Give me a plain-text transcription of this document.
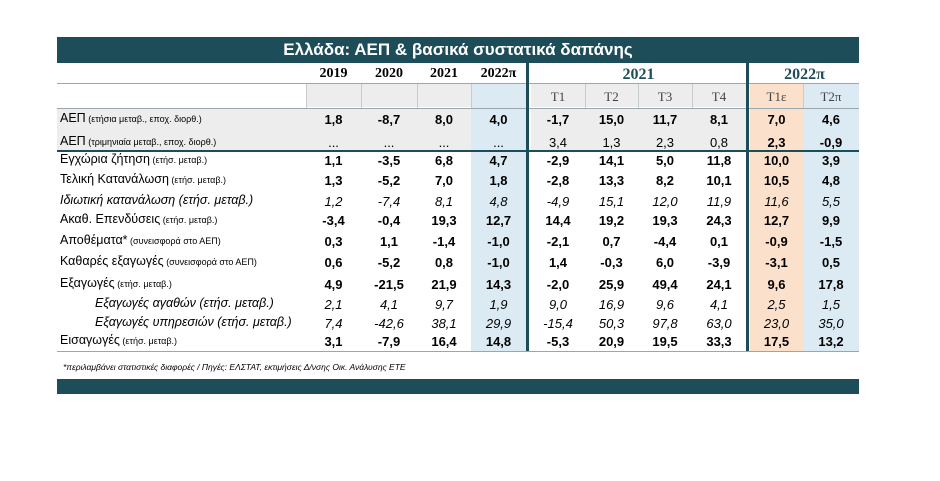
Ελλάδα: ΑΕΠ & βασικά συστατικά δαπάνης
2019	2020	2021	2022π	2021	2022π
Τ1	Τ2	Τ3	Τ4	Τ1ε	Τ2π
ΑΕΠ (ετήσια μεταβ., εποχ. διορθ.)	1,8	-8,7	8,0	4,0	-1,7	15,0	11,7	8,1	7,0	4,6
ΑΕΠ (τριμηνιαία μεταβ., εποχ. διορθ.)	...	...	...	...	3,4	1,3	2,3	0,8	2,3	-0,9
Εγχώρια ζήτηση (ετήσ. μεταβ.)	1,1	-3,5	6,8	4,7	-2,9	14,1	5,0	11,8	10,0	3,9
Τελική Κατανάλωση (ετήσ. μεταβ.)	1,3	-5,2	7,0	1,8	-2,8	13,3	8,2	10,1	10,5	4,8
Ιδιωτική κατανάλωση (ετήσ. μεταβ.)	1,2	-7,4	8,1	4,8	-4,9	15,1	12,0	11,9	11,6	5,5
Ακαθ. Επενδύσεις (ετήσ. μεταβ.)	-3,4	-0,4	19,3	12,7	14,4	19,2	19,3	24,3	12,7	9,9
Αποθέματα* (συνεισφορά στο ΑΕΠ)	0,3	1,1	-1,4	-1,0	-2,1	0,7	-4,4	0,1	-0,9	-1,5
Καθαρές εξαγωγές (συνεισφορά στο ΑΕΠ)	0,6	-5,2	0,8	-1,0	1,4	-0,3	6,0	-3,9	-3,1	0,5
Εξαγωγές (ετήσ. μεταβ.)	4,9	-21,5	21,9	14,3	-2,0	25,9	49,4	24,1	9,6	17,8
Εξαγωγές αγαθών (ετήσ. μεταβ.)	2,1	4,1	9,7	1,9	9,0	16,9	9,6	4,1	2,5	1,5
Εξαγωγές υπηρεσιών (ετήσ. μεταβ.)	7,4	-42,6	38,1	29,9	-15,4	50,3	97,8	63,0	23,0	35,0
Εισαγωγές (ετήσ. μεταβ.)	3,1	-7,9	16,4	14,8	-5,3	20,9	19,5	33,3	17,5	13,2
*περιλαμβάνει στατιστικές διαφορές / Πηγές: ΕΛΣΤΑΤ, εκτιμήσεις Δ/νσης Οικ. Ανάλυσης ΕΤΕ
